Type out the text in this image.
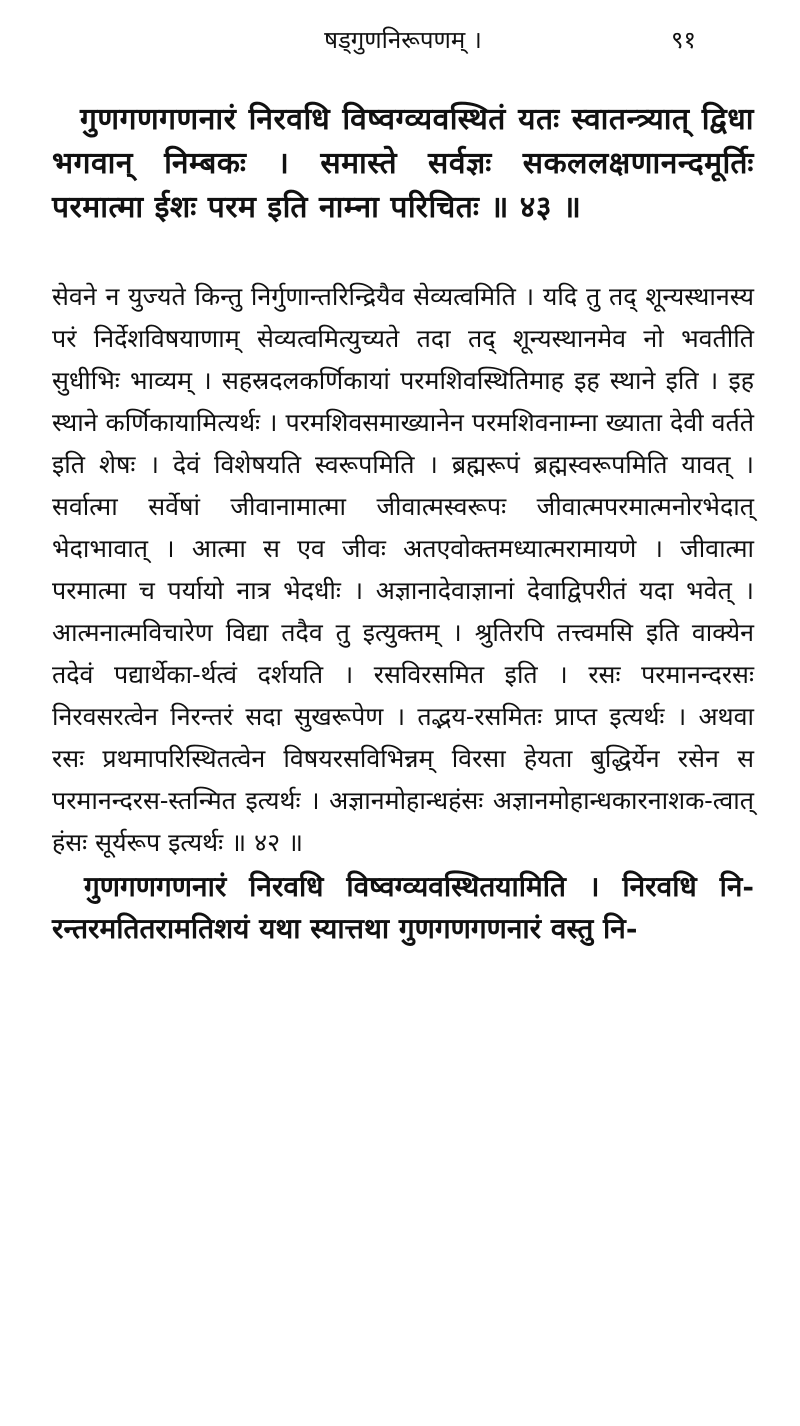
षड्गुणनिरूपणम् ।	९१
गुणगणगणनारं निरवधि विष्वग्व्यवस्थितं यतः स्वातन्त्र्यात् द्विधा भगवान् निम्बकः । समास्ते सर्वज्ञः सकललक्षणानन्दमूर्तिः परमात्मा ईशः परम इति नाम्ना परिचितः ॥ ४३ ॥
सेवने न युज्यते किन्तु निर्गुणान्तरिन्द्रियैव सेव्यत्वमिति । यदि तु तद् शून्यस्थानस्य परं निर्देशविषयाणाम् सेव्यत्वमित्युच्यते तदा तद् शून्यस्थानमेव नो भवतीति सुधीभिः भाव्यम् । सहस्रदलकर्णिकायां परमशिवस्थितिमाह इह स्थाने इति । इह स्थाने कर्णिकायामित्यर्थः । परमशिवसमाख्यानेन परमशिवनाम्ना ख्याता देवी वर्तते इति शेषः । देवं विशेषयति स्वरूपमिति । ब्रह्मरूपं ब्रह्मस्वरूपमिति यावत् । सर्वात्मा सर्वेषां जीवानामात्मा जीवात्मस्वरूपः जीवात्मपरमात्मनोरभेदात् भेदाभावात् । आत्मा स एव जीवः अतएवोक्तमध्यात्मरामायणे । जीवात्मा परमात्मा च पर्यायो नात्र भेदधीः । अज्ञानादेवाज्ञानां देवाद्विपरीतं यदा भवेत् । आत्मनात्मविचारेण विद्या तदैव तु इत्युक्तम् । श्रुतिरपि तत्त्वमसि इति वाक्येन तदेवं पद्यार्थेका-र्थत्वं दर्शयति । रसविरसमित इति । रसः परमानन्दरसः निरवसरत्वेन निरन्तरं सदा सुखरूपेण । तद्भय-रसमितः प्राप्त इत्यर्थः । अथवा रसः प्रथमापरिस्थितत्वेन विषयरसविभिन्नम् विरसा हेयता बुद्धिर्येन रसेन स परमानन्दरस-स्तन्मित इत्यर्थः । अज्ञानमोहान्धहंसः अज्ञानमोहान्धकारनाशक-त्वात् हंसः सूर्यरूप इत्यर्थः ॥ ४२ ॥
गुणगणगणनारं निरवधि विष्वग्व्यवस्थितयामिति । निरवधि नि-रन्तरमतितरामतिशयं यथा स्यात्तथा गुणगणगणनारं वस्तु नि-
